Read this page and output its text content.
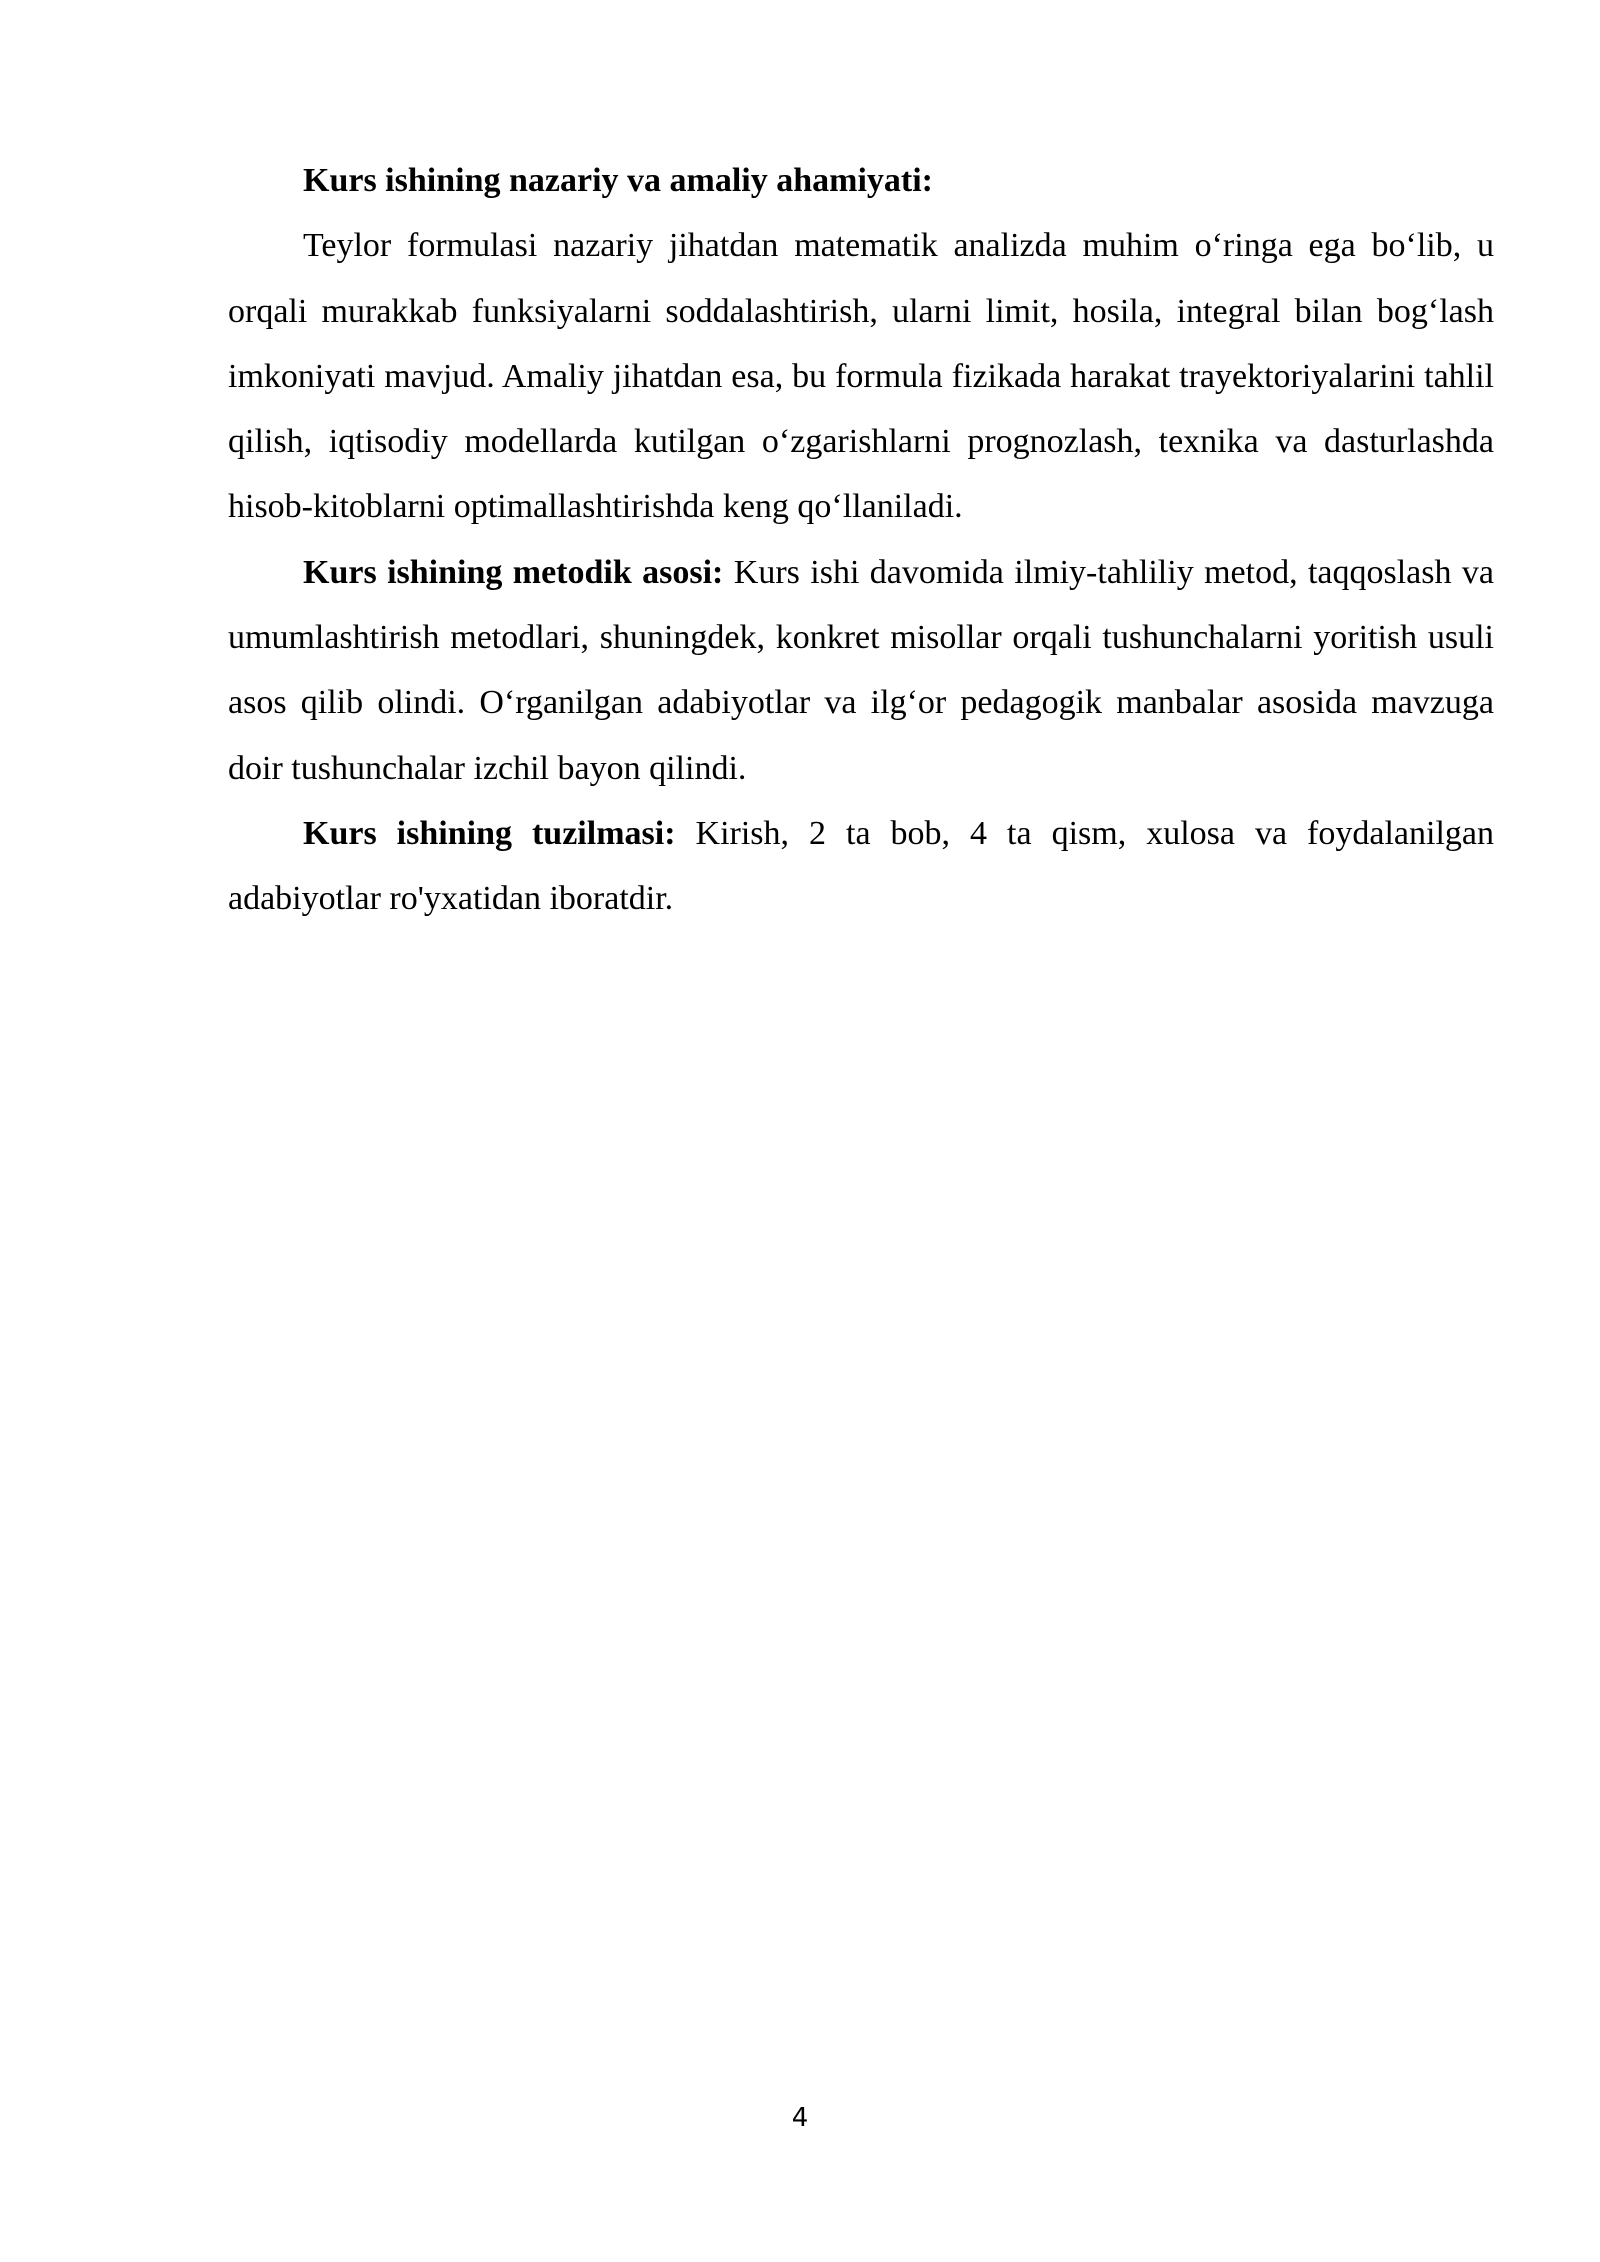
Kurs ishining nazariy va amaliy ahamiyati:

Teylor formulasi nazariy jihatdan matematik analizda muhim o‘ringa ega bo‘lib, u orqali murakkab funksiyalarni soddalashtirish, ularni limit, hosila, integral bilan bog‘lash imkoniyati mavjud. Amaliy jihatdan esa, bu formula fizikada harakat trayektoriyalarini tahlil qilish, iqtisodiy modellarda kutilgan o‘zgarishlarni prognozlash, texnika va dasturlashda hisob-kitoblarni optimallashtirishda keng qo‘llaniladi.

Kurs ishining metodik asosi: Kurs ishi davomida ilmiy-tahliliy metod, taqqoslash va umumlashtirish metodlari, shuningdek, konkret misollar orqali tushunchalarni yoritish usuli asos qilib olindi. O‘rganilgan adabiyotlar va ilg‘or pedagogik manbalar asosida mavzuga doir tushunchalar izchil bayon qilindi.

Kurs ishining tuzilmasi: Kirish, 2 ta bob, 4 ta qism, xulosa va foydalanilgan adabiyotlar ro'yxatidan iboratdir.

4
